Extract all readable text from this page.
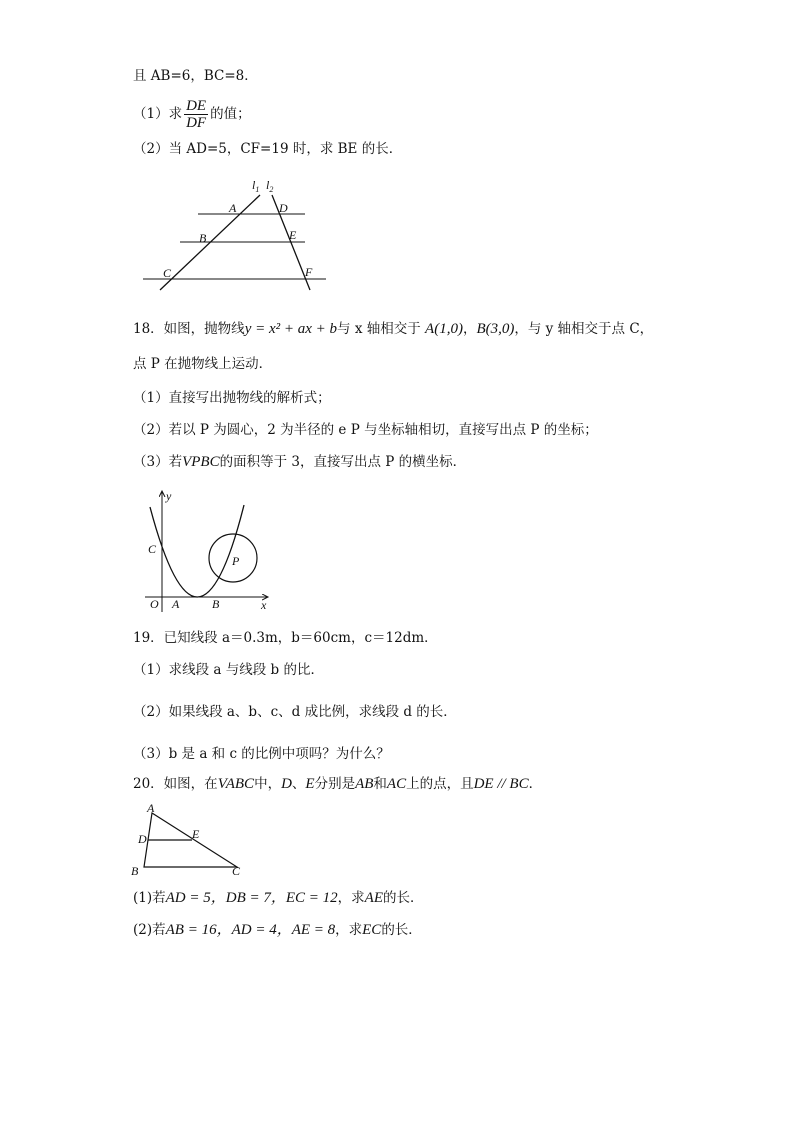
且 AB=6，BC=8．
（1）求 $\frac{DE}{DF}$ 的值；
（2）当 AD=5，CF=19 时，求 BE 的长．
$l_1$ $l_2$
A	D
B	E
C	F
18．如图，抛物线y = x² + ax + b与 x 轴相交于 A(1,0)，B(3,0)，与 y 轴相交于点 C，
点 P 在抛物线上运动．
（1）直接写出抛物线的解析式；
（2）若以 P 为圆心，2 为半径的 e P 与坐标轴相切，直接写出点 P 的坐标；
（3）若VPBC的面积等于 3，直接写出点 P 的横坐标．
y
x
C
O A	B
P
19．已知线段 a＝0.3m，b＝60cm，c＝12dm．
（1）求线段 a 与线段 b 的比．
（2）如果线段 a、b、c、d 成比例，求线段 d 的长．
（3）b 是 a 和 c 的比例中项吗？为什么？
20．如图，在VABC中，D、E分别是AB和AC上的点，且DE // BC．
A
D	E
B	C
(1)若AD = 5，DB = 7，EC = 12，求AE的长．
(2)若AB = 16，AD = 4，AE = 8，求EC的长．
